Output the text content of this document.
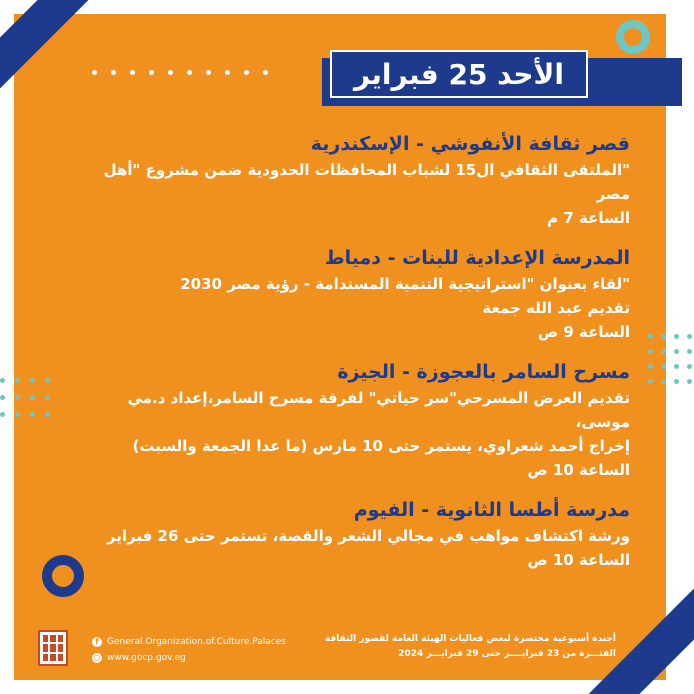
الأحد 25 فبراير
قصر ثقافة الأنفوشي - الإسكندرية
"الملتقى الثقافي ال15 لشباب المحافظات الحدودية ضمن مشروع "أهل مصر
الساعة 7 م
المدرسة الإعدادية للبنات - دمياط
"لقاء بعنوان "استراتيجية التنمية المستدامة - رؤية مصر 2030
تقديم عبد الله جمعة
الساعة 9 ص
مسرح السامر بالعجوزة - الجيزة
تقديم العرض المسرحي"سر حياتي" لفرقة مسرح السامر،إعداد د.مي موسى،
إخراج أحمد شعراوي، يستمر حتى 10 مارس (ما عدا الجمعة والسبت)
الساعة 10 ص
مدرسة أطسا الثانوية - الفيوم
ورشة اكتشاف مواهب في مجالي الشعر والقصة، تستمر حتى 26 فبراير
الساعة 10 ص
f General.Organization.of.Culture.Palaces
○ www.gocp.gov.eg
أجندة أسبوعية مختصرة لبعض فعاليات الهيئة العامة لقصور الثقافة
الفتـــرة من 23 فبرايــــر حتى 29 فبرايـــر 2024
